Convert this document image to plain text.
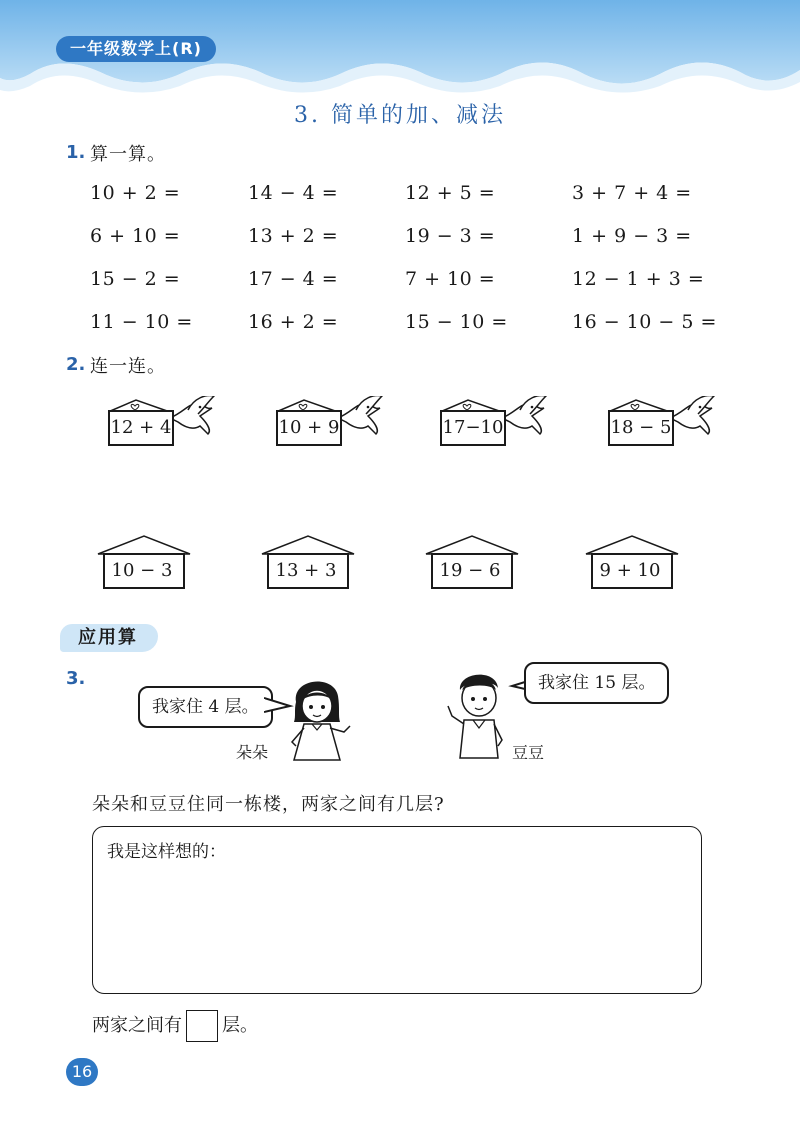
一年级数学上(R)
3. 简单的加、减法
1. 算一算。
10 + 2 =	14 − 4 =	12 + 5 =	3 + 7 + 4 =
6 + 10 =	13 + 2 =	19 − 3 =	1 + 9 − 3 =
15 − 2 =	17 − 4 =	7 + 10 =	12 − 1 + 3 =
11 − 10 =	16 + 2 =	15 − 10 =	16 − 10 − 5 =
2. 连一连。
12 + 4	10 + 9	17−10	18 − 5
10 − 3	13 + 3	19 − 6	9 + 10
应用算
3.
我家住 4 层。
朵朵	豆豆
我家住 15 层。
朵朵和豆豆住同一栋楼，两家之间有几层?
我是这样想的：
两家之间有 层。
16
